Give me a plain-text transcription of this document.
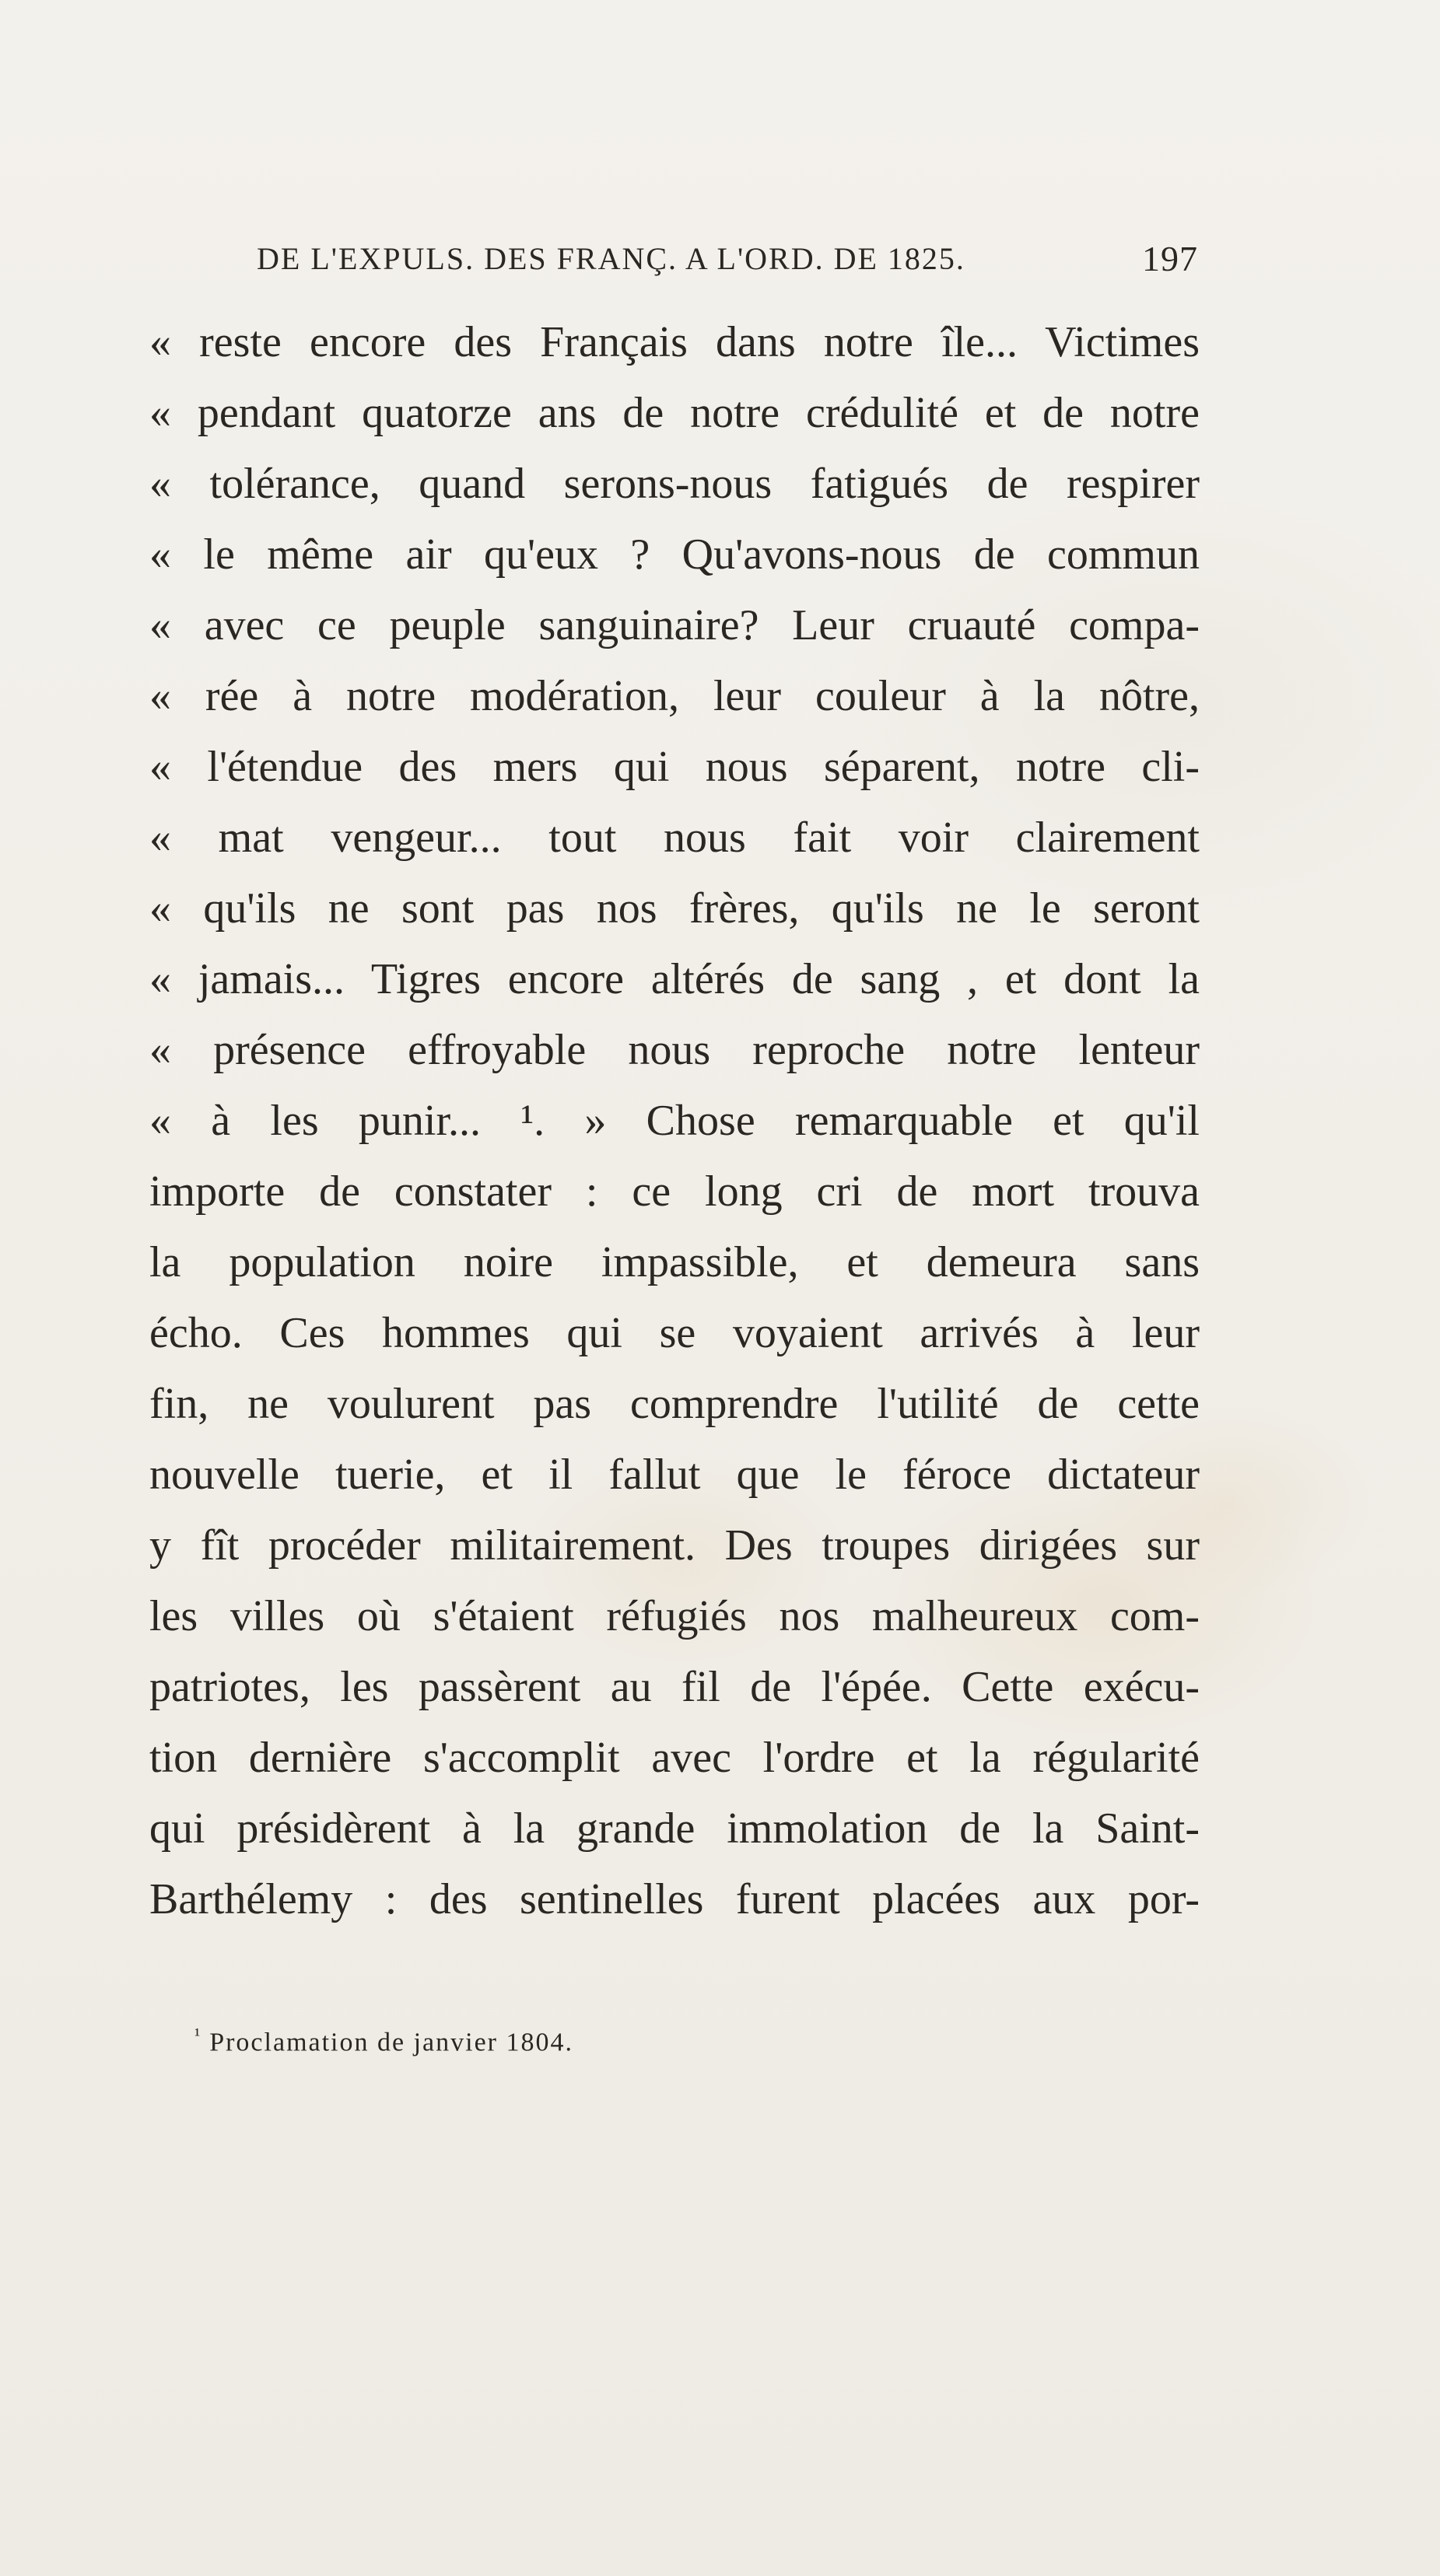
DE L'EXPULS. DES FRANÇ. A L'ORD. DE 1825.	197
« reste encore des Français dans notre île... Victimes
« pendant quatorze ans de notre crédulité et de notre
« tolérance, quand serons-nous fatigués de respirer
« le même air qu'eux ? Qu'avons-nous de commun
« avec ce peuple sanguinaire? Leur cruauté compa-
« rée à notre modération, leur couleur à la nôtre,
« l'étendue des mers qui nous séparent, notre cli-
« mat vengeur... tout nous fait voir clairement
« qu'ils ne sont pas nos frères, qu'ils ne le seront
« jamais... Tigres encore altérés de sang , et dont la
« présence effroyable nous reproche notre lenteur
« à les punir... ¹. » Chose remarquable et qu'il
importe de constater : ce long cri de mort trouva
la population noire impassible, et demeura sans
écho. Ces hommes qui se voyaient arrivés à leur
fin, ne voulurent pas comprendre l'utilité de cette
nouvelle tuerie, et il fallut que le féroce dictateur
y fît procéder militairement. Des troupes dirigées sur
les villes où s'étaient réfugiés nos malheureux com-
patriotes, les passèrent au fil de l'épée. Cette exécu-
tion dernière s'accomplit avec l'ordre et la régularité
qui présidèrent à la grande immolation de la Saint-
Barthélemy : des sentinelles furent placées aux por-
$^{^1}$ Proclamation de janvier 1804.
